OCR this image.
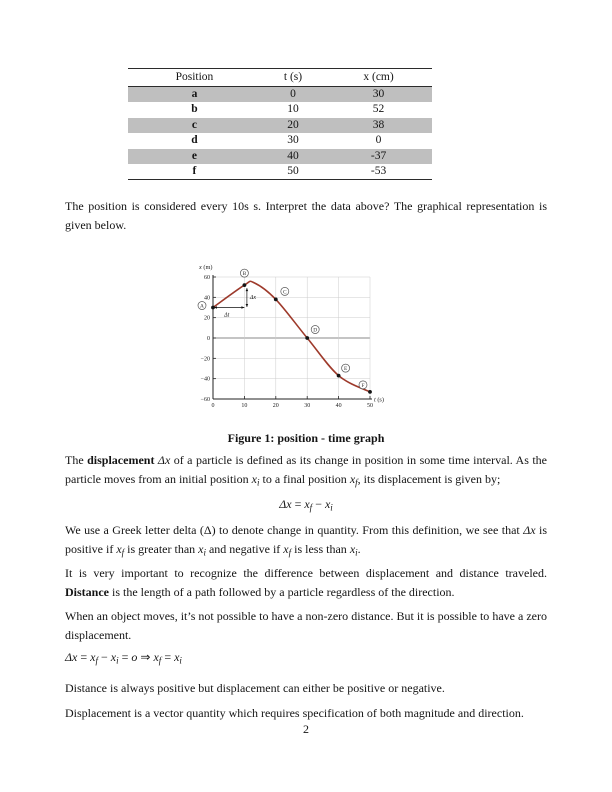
Position	t (s)	x (cm)
a	0	30
b	10	52
c	20	38
d	30	0
e	40	-37
f	50	-53

The position is considered every 10s s. Interpret the data above? The graphical representation is given below.

60
40
20
0
−20
−40
−60
0	10	20	30	40	50
x (m)
t (s)
Δt
Δx
A
B
C
D
E
F

Figure 1: position - time graph

The displacement Δx of a particle is defined as its change in position in some time interval. As the particle moves from an initial position $x_i$ to a final position $x_f$, its displacement is given by;

$\Delta x = x_f - x_i$

We use a Greek letter delta (Δ) to denote change in quantity. From this definition, we see that Δx is positive if $x_f$ is greater than $x_i$ and negative if $x_f$ is less than $x_i$.

It is very important to recognize the difference between displacement and distance traveled. Distance is the length of a path followed by a particle regardless of the direction.

When an object moves, it’s not possible to have a non-zero distance. But it is possible to have a zero displacement.

$\Delta x = x_f - x_i = o$ ⇒ $x_f = x_i$

Distance is always positive but displacement can either be positive or negative.

Displacement is a vector quantity which requires specification of both magnitude and direction.

2
